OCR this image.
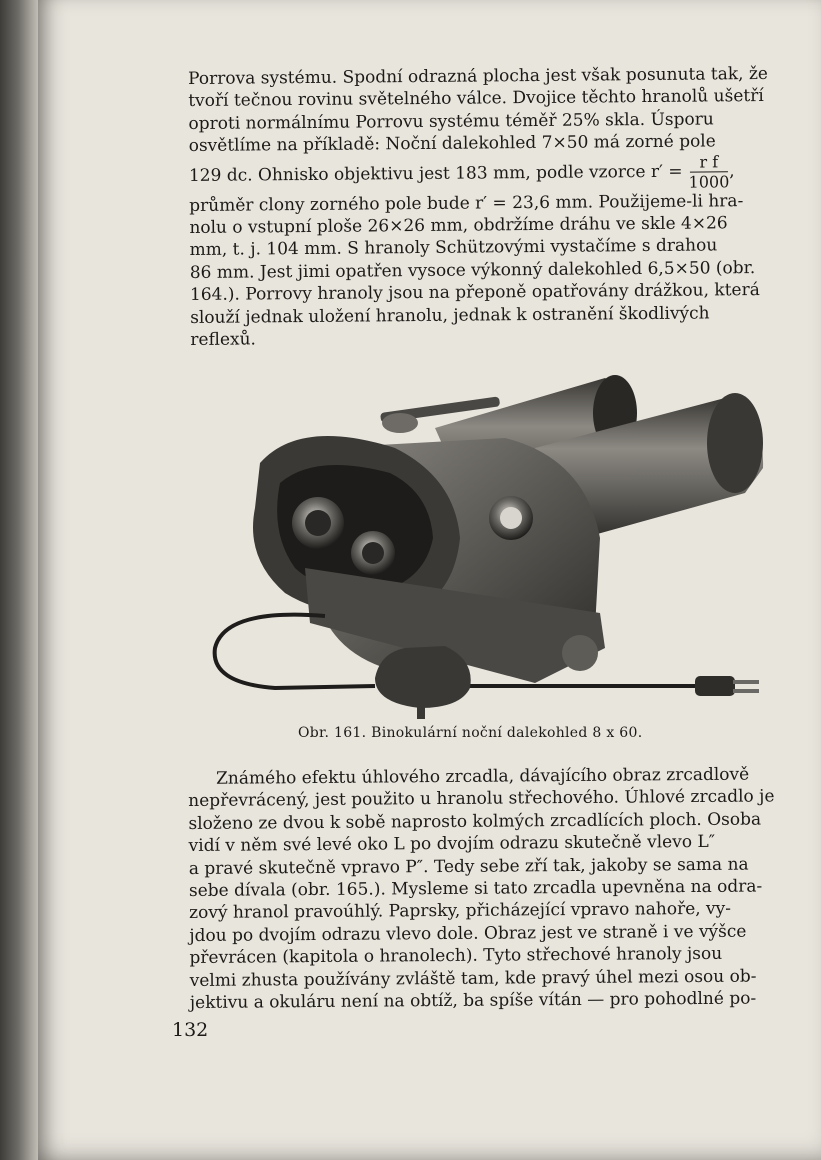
Porrova systému. Spodní odrazná plocha jest však posunuta tak, že
tvoří tečnou rovinu světelného válce. Dvojice těchto hranolů ušetří
oproti normálnímu Porrovu systému téměř 25% skla. Úsporu
osvětlíme na příkladě: Noční dalekohled 7×50 má zorné pole
129 dc. Ohnisko objektivu jest 183 mm, podle vzorce $r' = \frac{\text{r f}}{1000}$ ,
průměr clony zorného pole bude r′ = 23,6 mm. Použijeme-li hra-
nolu o vstupní ploše 26×26 mm, obdržíme dráhu ve skle 4×26
mm, t. j. 104 mm. S hranoly Schützovými vystačíme s drahou
86 mm. Jest jimi opatřen vysoce výkonný dalekohled 6,5×50 (obr.
164.). Porrovy hranoly jsou na přeponě opatřovány drážkou, která
slouží jednak uložení hranolu, jednak k ostranění škodlivých
reflexů.
Obr. 161. Binokulární noční dalekohled 8 x 60.
Známého efektu úhlového zrcadla, dávajícího obraz zrcadlově
nepřevrácený, jest použito u hranolu střechového. Úhlové zrcadlo je
složeno ze dvou k sobě naprosto kolmých zrcadlících ploch. Osoba
vidí v něm své levé oko L po dvojím odrazu skutečně vlevo L″
a pravé skutečně vpravo P″. Tedy sebe zří tak, jakoby se sama na
sebe dívala (obr. 165.). Mysleme si tato zrcadla upevněna na odra-
zový hranol pravoúhlý. Paprsky, přicházející vpravo nahoře, vy-
jdou po dvojím odrazu vlevo dole. Obraz jest ve straně i ve výšce
převrácen (kapitola o hranolech). Tyto střechové hranoly jsou
velmi zhusta používány zvláště tam, kde pravý úhel mezi osou ob-
jektivu a okuláru není na obtíž, ba spíše vítán — pro pohodlné po-
132
